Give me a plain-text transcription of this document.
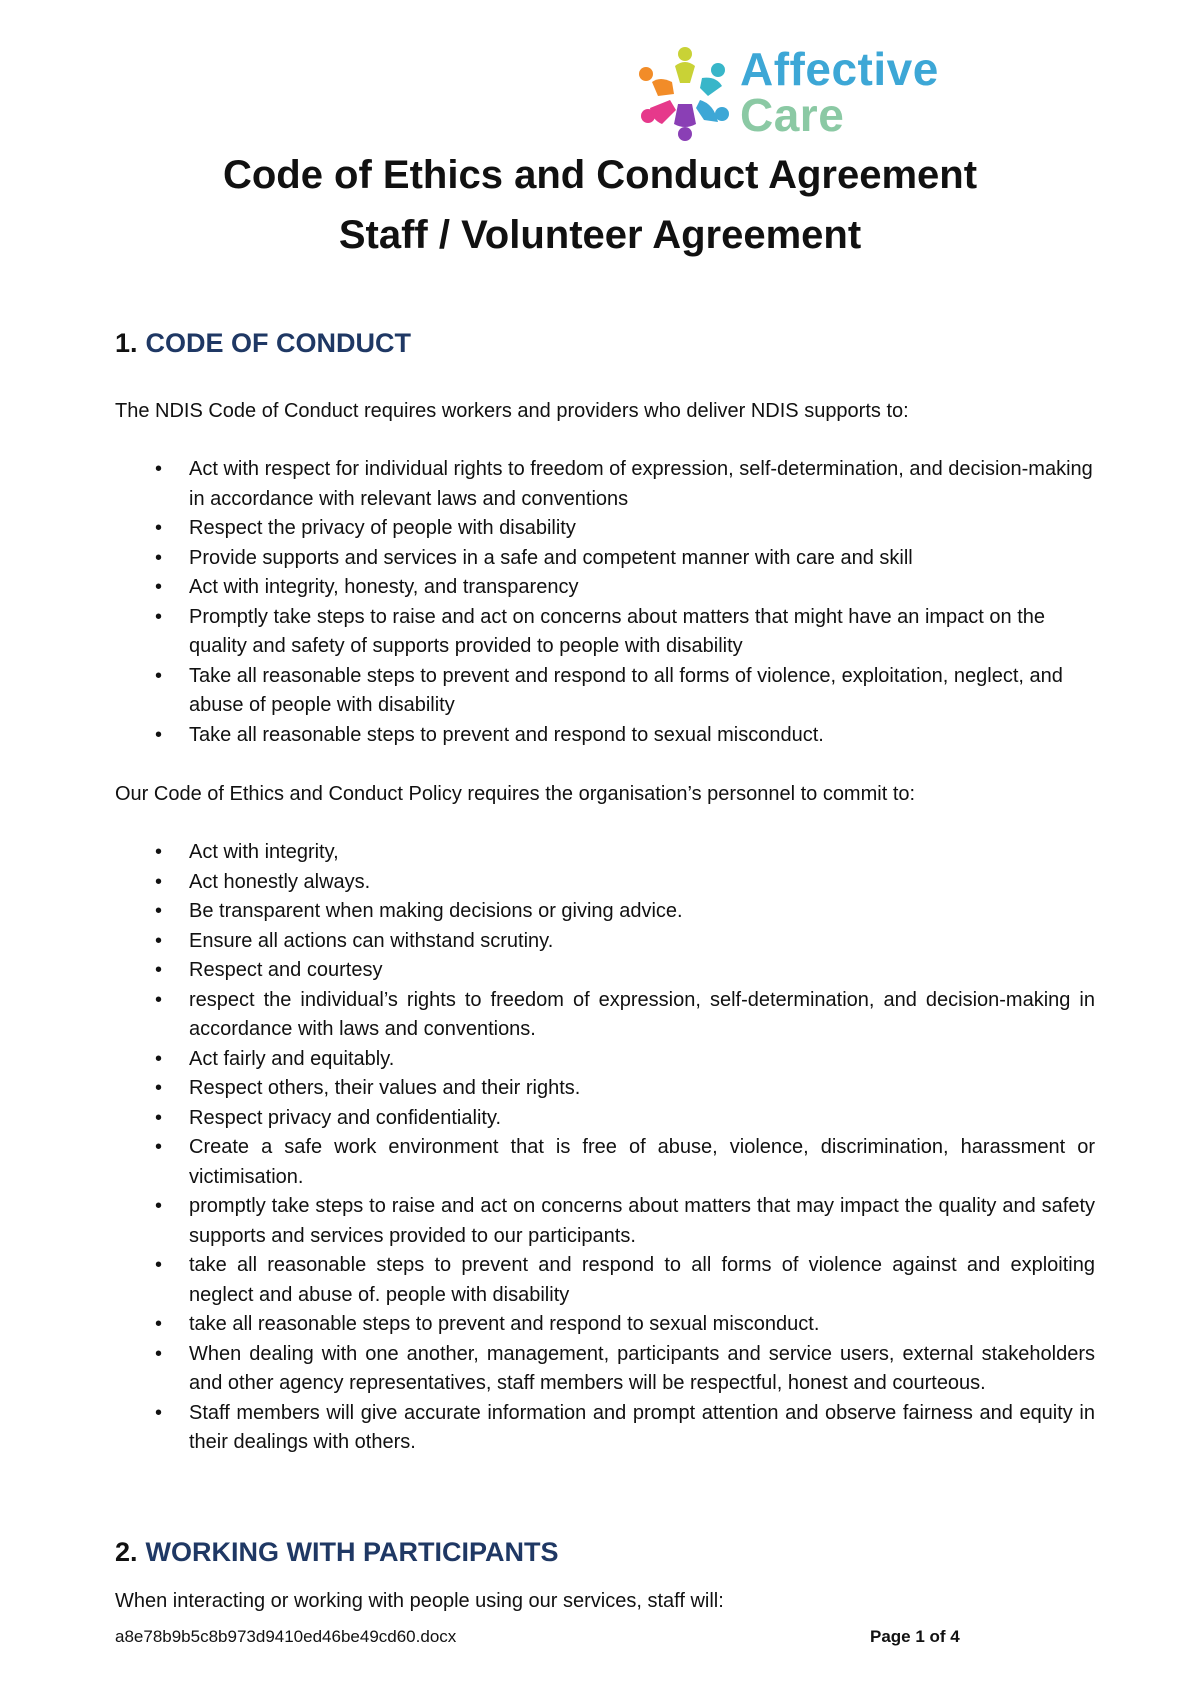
Affective
Care
Code of Ethics and Conduct Agreement
Staff / Volunteer Agreement
1. CODE OF CONDUCT
The NDIS Code of Conduct requires workers and providers who deliver NDIS supports to:
• Act with respect for individual rights to freedom of expression, self-determination, and decision-making in accordance with relevant laws and conventions
• Respect the privacy of people with disability
• Provide supports and services in a safe and competent manner with care and skill
• Act with integrity, honesty, and transparency
• Promptly take steps to raise and act on concerns about matters that might have an impact on the quality and safety of supports provided to people with disability
• Take all reasonable steps to prevent and respond to all forms of violence, exploitation, neglect, and abuse of people with disability
• Take all reasonable steps to prevent and respond to sexual misconduct.
Our Code of Ethics and Conduct Policy requires the organisation’s personnel to commit to:
• Act with integrity,
• Act honestly always.
• Be transparent when making decisions or giving advice.
• Ensure all actions can withstand scrutiny.
• Respect and courtesy
• respect the individual’s rights to freedom of expression, self-determination, and decision-making in accordance with laws and conventions.
• Act fairly and equitably.
• Respect others, their values and their rights.
• Respect privacy and confidentiality.
• Create a safe work environment that is free of abuse, violence, discrimination, harassment or victimisation.
• promptly take steps to raise and act on concerns about matters that may impact the quality and safety supports and services provided to our participants.
• take all reasonable steps to prevent and respond to all forms of violence against and exploiting neglect and abuse of. people with disability
• take all reasonable steps to prevent and respond to sexual misconduct.
• When dealing with one another, management, participants and service users, external stakeholders and other agency representatives, staff members will be respectful, honest and courteous.
• Staff members will give accurate information and prompt attention and observe fairness and equity in their dealings with others.
2. WORKING WITH PARTICIPANTS
When interacting or working with people using our services, staff will:
a8e78b9b5c8b973d9410ed46be49cd60.docx	Page 1 of 4
